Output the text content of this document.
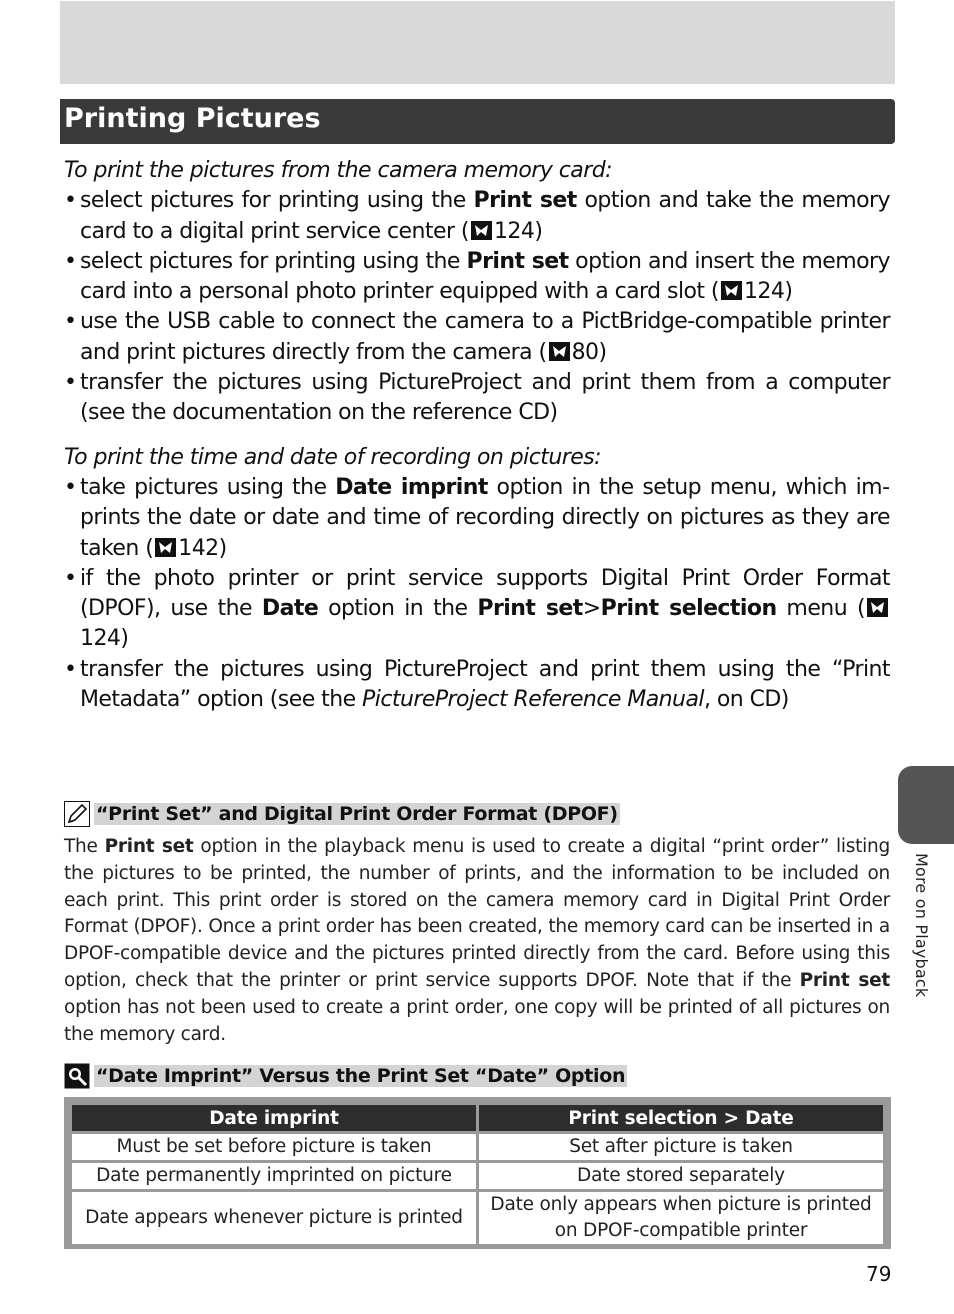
Printing Pictures
To print the pictures from the camera memory card:
• select pictures for printing using the Print set option and take the memory card to a digital print service center ( 124)
• select pictures for printing using the Print set option and insert the memory card into a personal photo printer equipped with a card slot ( 124)
• use the USB cable to connect the camera to a PictBridge-compatible printer and print pictures directly from the camera ( 80)
• transfer the pictures using PictureProject and print them from a computer (see the documentation on the reference CD)
To print the time and date of recording on pictures:
• take pictures using the Date imprint option in the setup menu, which imprints the date or date and time of recording directly on pictures as they are taken ( 142)
• if the photo printer or print service supports Digital Print Order Format (DPOF), use the Date option in the Print set>Print selection menu (124)
• transfer the pictures using PictureProject and print them using the “Print Metadata” option (see the PictureProject Reference Manual, on CD)
More on Playback
“Print Set” and Digital Print Order Format (DPOF)
The Print set option in the playback menu is used to create a digital “print order” listing the pictures to be printed, the number of prints, and the information to be included on each print. This print order is stored on the camera memory card in Digital Print Order Format (DPOF). Once a print order has been created, the memory card can be inserted in a DPOF-compatible device and the pictures printed directly from the card. Before using this option, check that the printer or print service supports DPOF. Note that if the Print set option has not been used to create a print order, one copy will be printed of all pictures on the memory card.
“Date Imprint” Versus the Print Set “Date” Option
Date imprint	Print selection > Date
Must be set before picture is taken	Set after picture is taken
Date permanently imprinted on picture	Date stored separately
Date appears whenever picture is printed	Date only appears when picture is printed on DPOF-compatible printer
79
